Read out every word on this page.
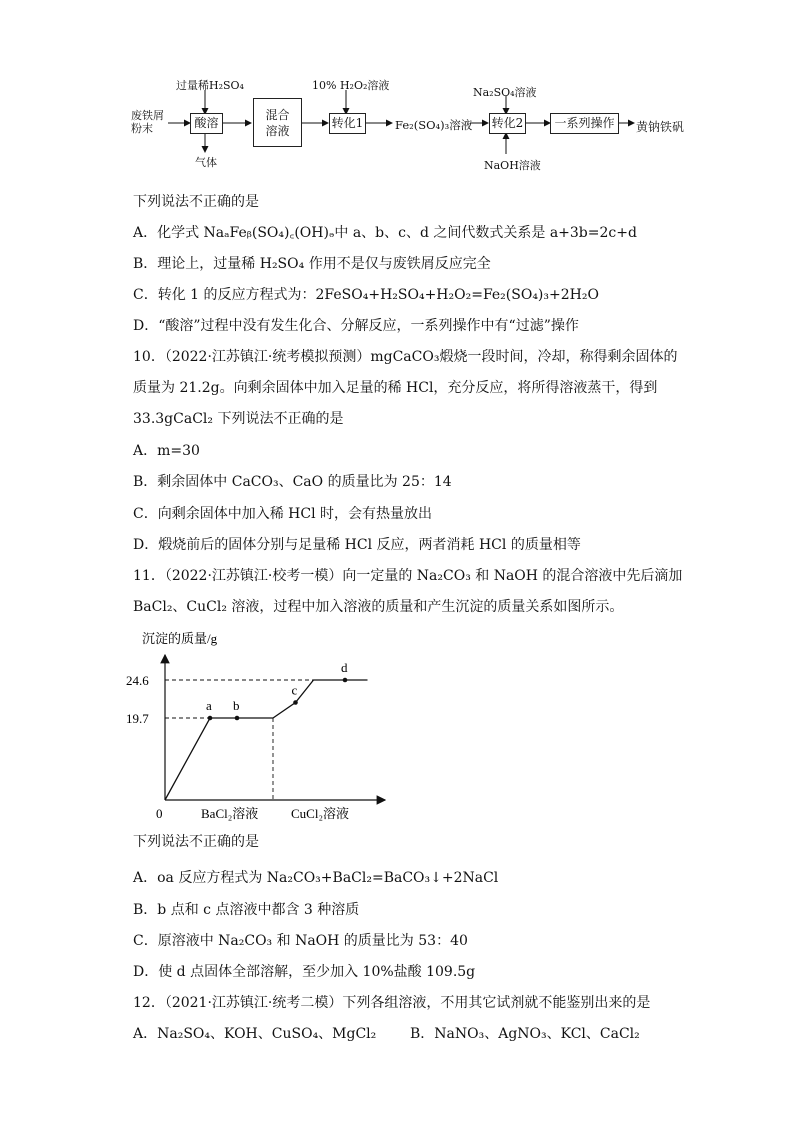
废铁屑
粉末
过量稀H₂SO₄
酸溶
气体
混合
溶液
10% H₂O₂溶液
转化1	Fe₂(SO₄)₃溶液
Na₂SO₄溶液
转化2
NaOH溶液
一系列操作	黄钠铁矾
下列说法不正确的是
A．化学式 NaₐFeᵦ(SO₄)꜀(OH)ₔ中 a、b、c、d 之间代数式关系是 a+3b=2c+d
B．理论上，过量稀 H₂SO₄ 作用不是仅与废铁屑反应完全
C．转化 1 的反应方程式为：2FeSO₄+H₂SO₄+H₂O₂=Fe₂(SO₄)₃+2H₂O
D．“酸溶”过程中没有发生化合、分解反应，一系列操作中有“过滤”操作
10．（2022·江苏镇江·统考模拟预测）mgCaCO₃煅烧一段时间，冷却，称得剩余固体的
质量为 21.2g。向剩余固体中加入足量的稀 HCl，充分反应，将所得溶液蒸干，得到
33.3gCaCl₂ 下列说法不正确的是
A．m=30
B．剩余固体中 CaCO₃、CaO 的质量比为 25：14
C．向剩余固体中加入稀 HCl 时，会有热量放出
D．煅烧前后的固体分别与足量稀 HCl 反应，两者消耗 HCl 的质量相等
11．（2022·江苏镇江·校考一模）向一定量的 Na₂CO₃ 和 NaOH 的混合溶液中先后滴加
BaCl₂、CuCl₂ 溶液，过程中加入溶液的质量和产生沉淀的质量关系如图所示。
沉淀的质量/g
0
19.7
24.6
a b
c
d
BaCl₂溶液	CuCl₂溶液
下列说法不正确的是
A．oa 反应方程式为 Na₂CO₃+BaCl₂=BaCO₃↓+2NaCl
B．b 点和 c 点溶液中都含 3 种溶质
C．原溶液中 Na₂CO₃ 和 NaOH 的质量比为 53：40
D．使 d 点固体全部溶解，至少加入 10%盐酸 109.5g
12．（2021·江苏镇江·统考二模）下列各组溶液，不用其它试剂就不能鉴别出来的是
A．Na₂SO₄、KOH、CuSO₄、MgCl₂ B．NaNO₃、AgNO₃、KCl、CaCl₂
